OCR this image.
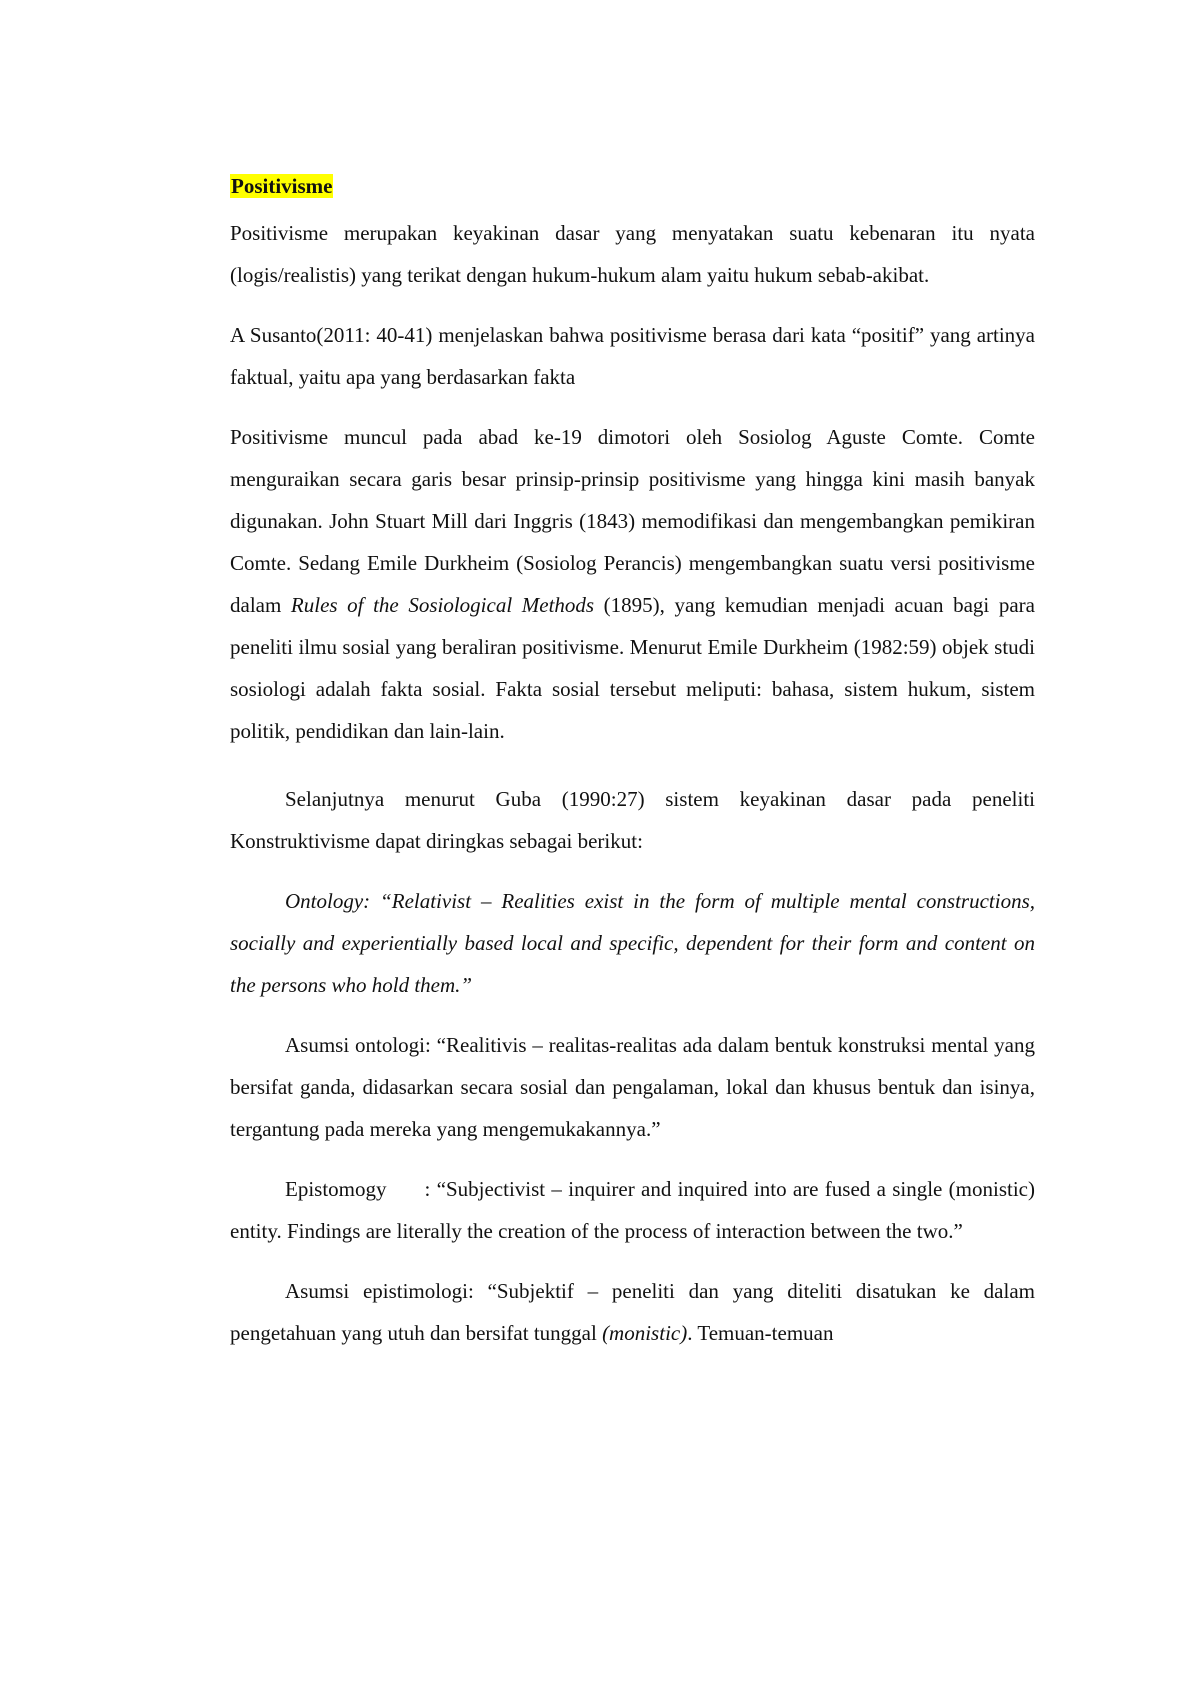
Positivisme

Positivisme merupakan keyakinan dasar yang menyatakan suatu kebenaran itu nyata (logis/realistis) yang terikat dengan hukum-hukum alam yaitu hukum sebab-akibat.

A Susanto(2011: 40-41) menjelaskan bahwa positivisme berasa dari kata “positif” yang artinya faktual, yaitu apa yang berdasarkan fakta

Positivisme muncul pada abad ke-19 dimotori oleh Sosiolog Aguste Comte. Comte menguraikan secara garis besar prinsip-prinsip positivisme yang hingga kini masih banyak digunakan. John Stuart Mill dari Inggris (1843) memodifikasi dan mengembangkan pemikiran Comte. Sedang Emile Durkheim (Sosiolog Perancis) mengembangkan suatu versi positivisme dalam Rules of the Sosiological Methods (1895), yang kemudian menjadi acuan bagi para peneliti ilmu sosial yang beraliran positivisme. Menurut Emile Durkheim (1982:59) objek studi sosiologi adalah fakta sosial. Fakta sosial tersebut meliputi: bahasa, sistem hukum, sistem politik, pendidikan dan lain-lain.

Selanjutnya menurut Guba (1990:27) sistem keyakinan dasar pada peneliti Konstruktivisme dapat diringkas sebagai berikut:

Ontology: “Relativist – Realities exist in the form of multiple mental constructions, socially and experientially based local and specific, dependent for their form and content on the persons who hold them.”

Asumsi ontologi: “Realitivis – realitas-realitas ada dalam bentuk konstruksi mental yang bersifat ganda, didasarkan secara sosial dan pengalaman, lokal dan khusus bentuk dan isinya, tergantung pada mereka yang mengemukakannya.”

Epistomogy : “Subjectivist – inquirer and inquired into are fused a single (monistic) entity. Findings are literally the creation of the process of interaction between the two.”

Asumsi epistimologi: “Subjektif – peneliti dan yang diteliti disatukan ke dalam pengetahuan yang utuh dan bersifat tunggal (monistic). Temuan-temuan
